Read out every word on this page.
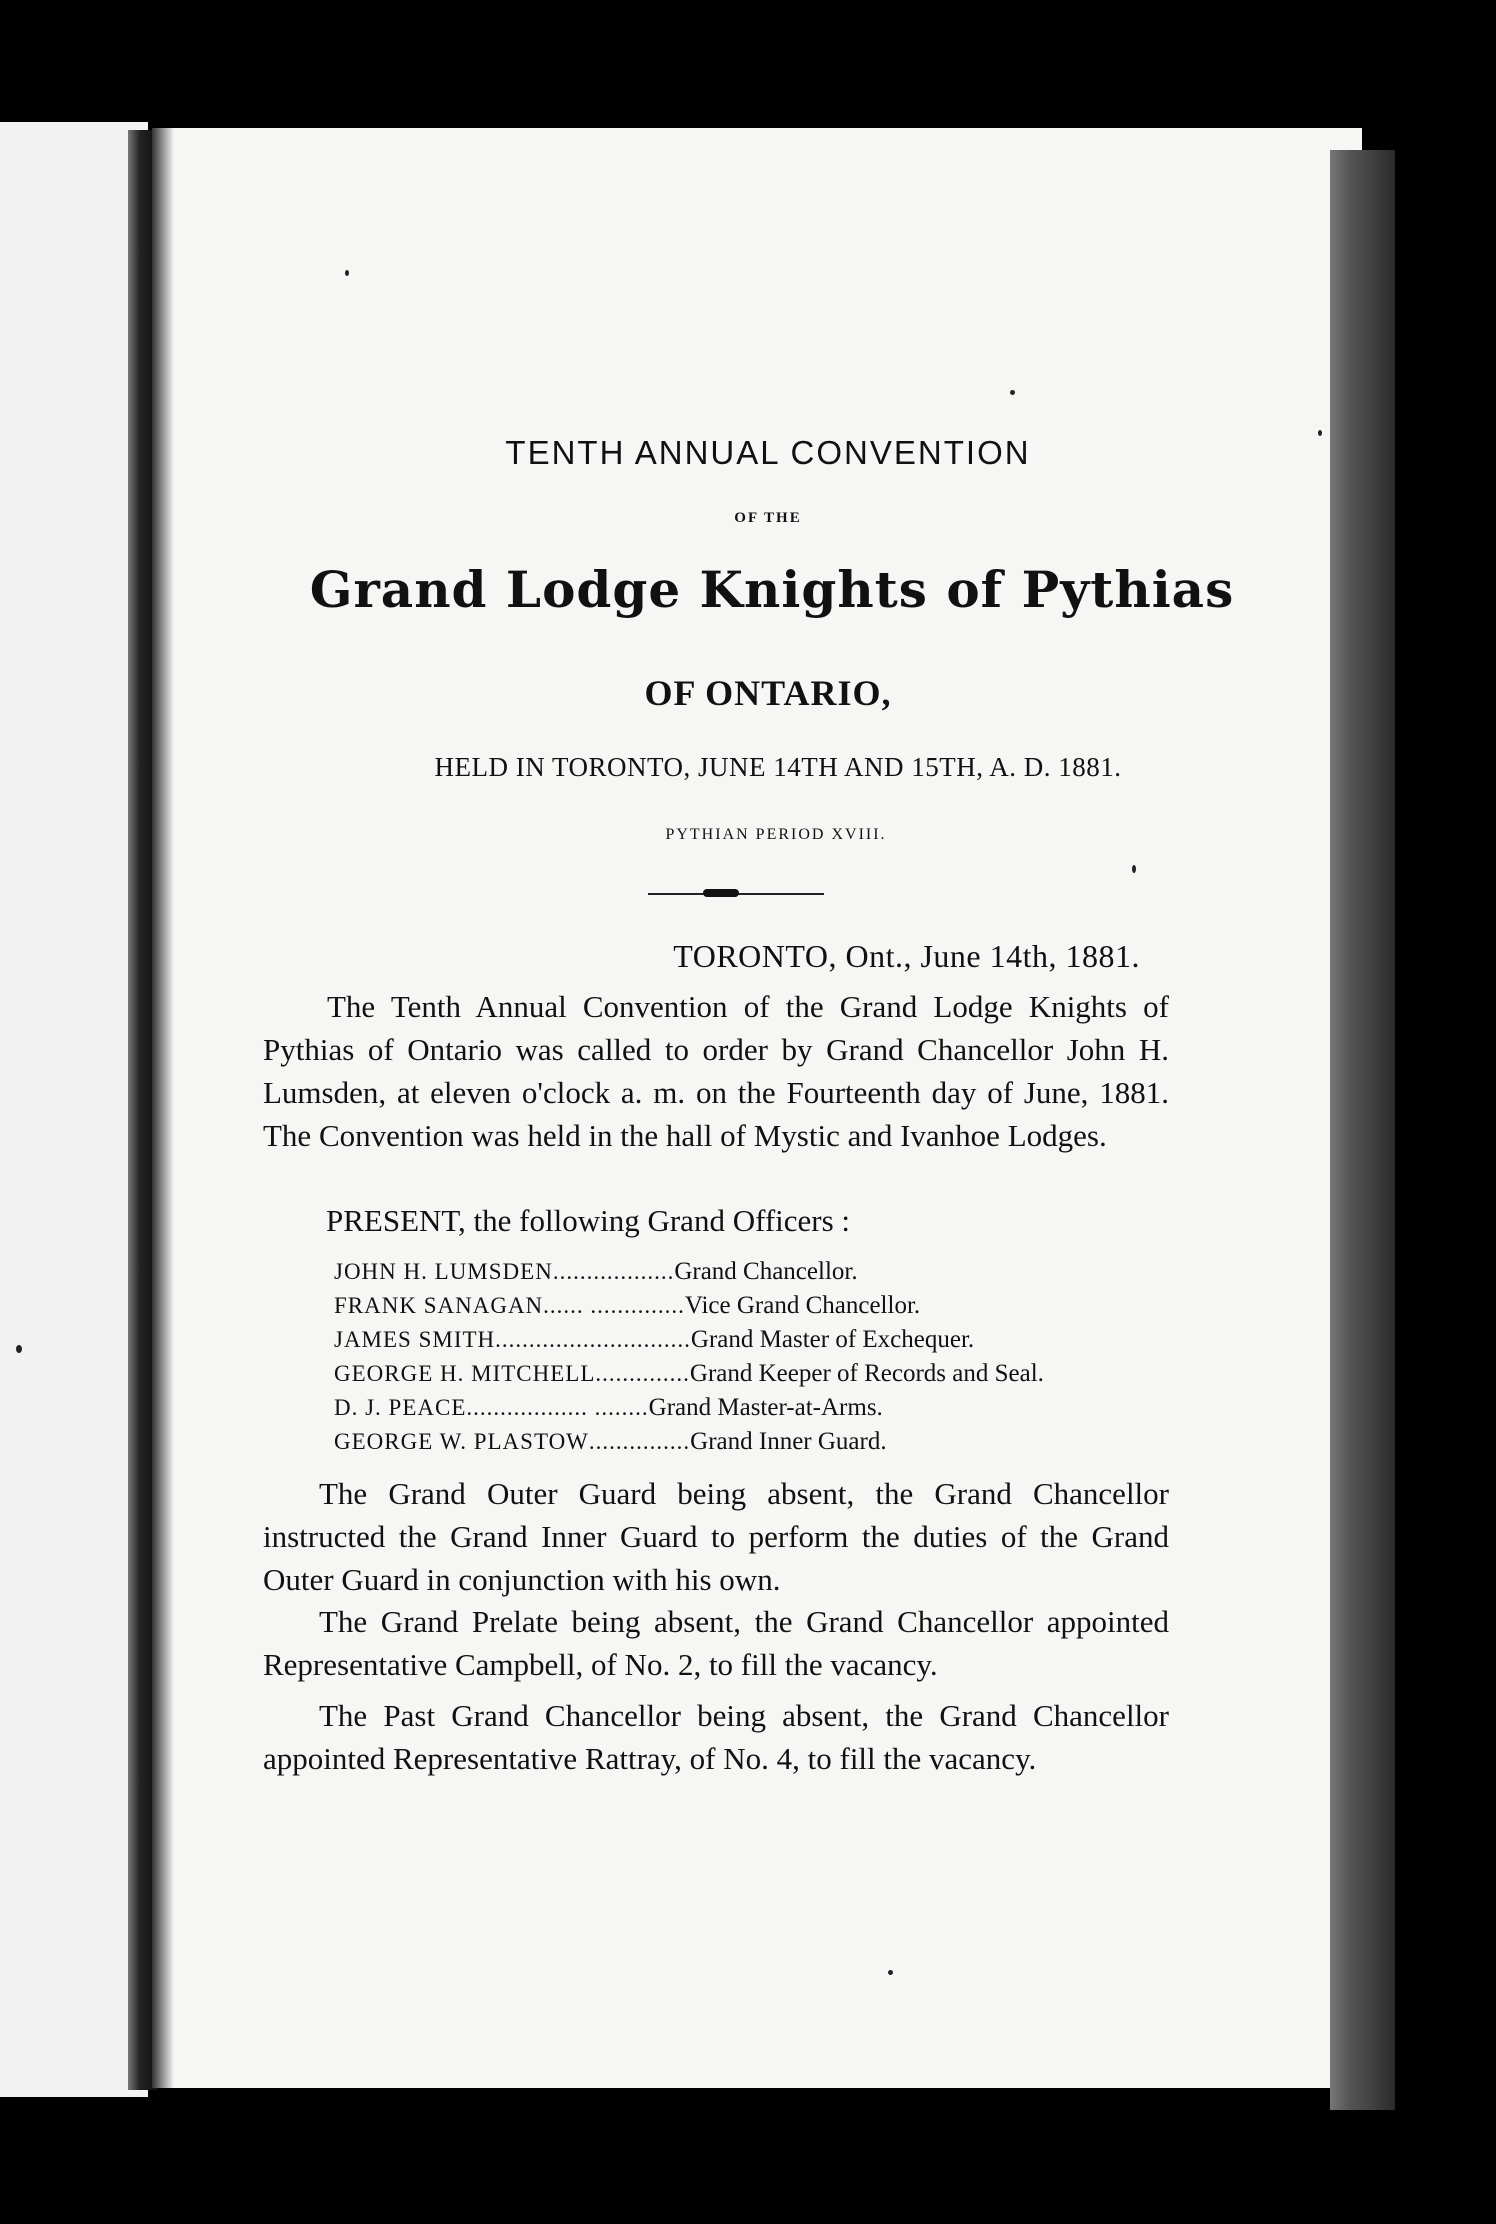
TENTH ANNUAL CONVENTION
OF THE
Grand Lodge Knights of Pythias
OF ONTARIO,
HELD IN TORONTO, JUNE 14TH AND 15TH, A. D. 1881.
PYTHIAN PERIOD XVIII.
TORONTO, Ont., June 14th, 1881.
The Tenth Annual Convention of the Grand Lodge Knights of Pythias of Ontario was called to order by Grand Chancellor John H. Lumsden, at eleven o'clock a. m. on the Fourteenth day of June, 1881. The Convention was held in the hall of Mystic and Ivanhoe Lodges.
PRESENT, the following Grand Officers :
JOHN H. LUMSDEN .................. Grand Chancellor.
FRANK SANAGAN ...... .............. Vice Grand Chancellor.
JAMES SMITH ............................. Grand Master of Exchequer.
GEORGE H. MITCHELL .............. Grand Keeper of Records and Seal.
D. J. PEACE .................. ........ Grand Master-at-Arms.
GEORGE W. PLASTOW ............... Grand Inner Guard.
The Grand Outer Guard being absent, the Grand Chancellor instructed the Grand Inner Guard to perform the duties of the Grand Outer Guard in conjunction with his own.
The Grand Prelate being absent, the Grand Chancellor appointed Representative Campbell, of No. 2, to fill the vacancy.
The Past Grand Chancellor being absent, the Grand Chancellor appointed Representative Rattray, of No. 4, to fill the vacancy.
